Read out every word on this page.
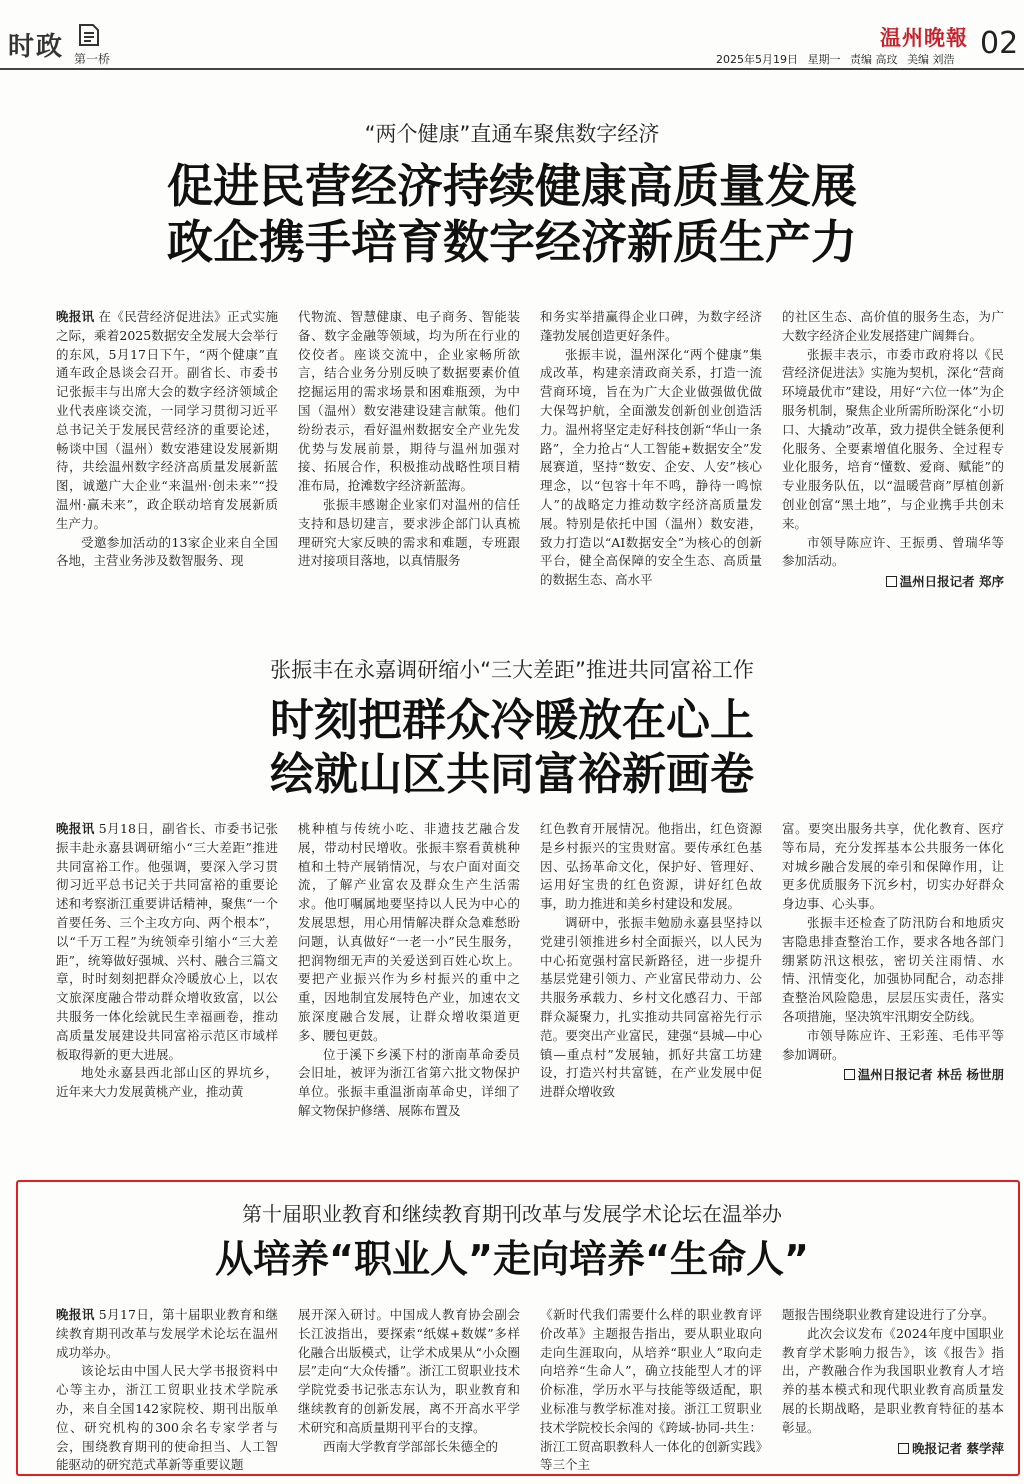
时政 第一桥
温州晚報 02
2025年5月19日 星期一 责编 高玟 美编 刘浩
“两个健康”直通车聚焦数字经济
促进民营经济持续健康高质量发展
政企携手培育数字经济新质生产力

晚报讯 在《民营经济促进法》正式实施之际，乘着2025数据安全发展大会举行的东风，5月17日下午，“两个健康”直通车政企恳谈会召开。副省长、市委书记张振丰与出席大会的数字经济领域企业代表座谈交流，一同学习贯彻习近平总书记关于发展民营经济的重要论述，畅谈中国（温州）数安港建设发展新期待，共绘温州数字经济高质量发展新蓝图，诚邀广大企业“来温州·创未来”“投温州·赢未来”，政企联动培育发展新质生产力。

受邀参加活动的13家企业来自全国各地，主营业务涉及数智服务、现

代物流、智慧健康、电子商务、智能装备、数字金融等领域，均为所在行业的佼佼者。座谈交流中，企业家畅所欲言，结合业务分别反映了数据要素价值挖掘运用的需求场景和困难瓶颈，为中国（温州）数安港建设建言献策。他们纷纷表示，看好温州数据安全产业先发优势与发展前景，期待与温州加强对接、拓展合作，积极推动战略性项目精准布局，抢滩数字经济新蓝海。

张振丰感谢企业家们对温州的信任支持和恳切建言，要求涉企部门认真梳理研究大家反映的需求和难题，专班跟进对接项目落地，以真情服务

和务实举措赢得企业口碑，为数字经济蓬勃发展创造更好条件。

张振丰说，温州深化“两个健康”集成改革，构建亲清政商关系，打造一流营商环境，旨在为广大企业做强做优做大保驾护航，全面激发创新创业创造活力。温州将坚定走好科技创新“华山一条路”，全力抢占“人工智能+数据安全”发展赛道，坚持“数安、企安、人安”核心理念，以“包容十年不鸣，静待一鸣惊人”的战略定力推动数字经济高质量发展。特别是依托中国（温州）数安港，致力打造以“AI数据安全”为核心的创新平台，健全高保障的安全生态、高质量的数据生态、高水平

的社区生态、高价值的服务生态，为广大数字经济企业发展搭建广阔舞台。

张振丰表示，市委市政府将以《民营经济促进法》实施为契机，深化“营商环境最优市”建设，用好“六位一体”为企服务机制，聚焦企业所需所盼深化“小切口、大撬动”改革，致力提供全链条便利化服务、全要素增值化服务、全过程专业化服务，培育“懂数、爱商、赋能”的专业服务队伍，以“温暖营商”厚植创新创业创富“黑土地”，与企业携手共创未来。

市领导陈应许、王振勇、曾瑞华等参加活动。

温州日报记者 郑序
张振丰在永嘉调研缩小“三大差距”推进共同富裕工作
时刻把群众冷暖放在心上
绘就山区共同富裕新画卷

晚报讯 5月18日，副省长、市委书记张振丰赴永嘉县调研缩小“三大差距”推进共同富裕工作。他强调，要深入学习贯彻习近平总书记关于共同富裕的重要论述和考察浙江重要讲话精神，聚焦“一个首要任务、三个主攻方向、两个根本”，以“千万工程”为统领牵引缩小“三大差距”，统筹做好强城、兴村、融合三篇文章，时时刻刻把群众冷暖放心上，以农文旅深度融合带动群众增收致富，以公共服务一体化绘就民生幸福画卷，推动高质量发展建设共同富裕示范区市域样板取得新的更大进展。

地处永嘉县西北部山区的界坑乡，近年来大力发展黄桃产业，推动黄

桃种植与传统小吃、非遗技艺融合发展，带动村民增收。张振丰察看黄桃种植和土特产展销情况，与农户面对面交流，了解产业富农及群众生产生活需求。他叮嘱属地要坚持以人民为中心的发展思想，用心用情解决群众急难愁盼问题，认真做好“一老一小”民生服务，把润物细无声的关爱送到百姓心坎上。要把产业振兴作为乡村振兴的重中之重，因地制宜发展特色产业，加速农文旅深度融合发展，让群众增收渠道更多、腰包更鼓。

位于溪下乡溪下村的浙南革命委员会旧址，被评为浙江省第六批文物保护单位。张振丰重温浙南革命史，详细了解文物保护修缮、展陈布置及

红色教育开展情况。他指出，红色资源是乡村振兴的宝贵财富。要传承红色基因、弘扬革命文化，保护好、管理好、运用好宝贵的红色资源，讲好红色故事，助力推进和美乡村建设和发展。

调研中，张振丰勉励永嘉县坚持以党建引领推进乡村全面振兴，以人民为中心拓宽强村富民新路径，进一步提升基层党建引领力、产业富民带动力、公共服务承载力、乡村文化感召力、干部群众凝聚力，扎实推动共同富裕先行示范。要突出产业富民，建强“县城—中心镇—重点村”发展轴，抓好共富工坊建设，打造兴村共富链，在产业发展中促进群众增收致

富。要突出服务共享，优化教育、医疗等布局，充分发挥基本公共服务一体化对城乡融合发展的牵引和保障作用，让更多优质服务下沉乡村，切实办好群众身边事、心头事。

张振丰还检查了防汛防台和地质灾害隐患排查整治工作，要求各地各部门绷紧防汛这根弦，密切关注雨情、水情、汛情变化，加强协同配合，动态排查整治风险隐患，层层压实责任，落实各项措施，坚决筑牢汛期安全防线。

市领导陈应许、王彩莲、毛伟平等参加调研。

温州日报记者 林岳 杨世朋
第十届职业教育和继续教育期刊改革与发展学术论坛在温举办
从培养“职业人”走向培养“生命人”

晚报讯 5月17日，第十届职业教育和继续教育期刊改革与发展学术论坛在温州成功举办。

该论坛由中国人民大学书报资料中心等主办，浙江工贸职业技术学院承办，来自全国142家院校、期刊出版单位、研究机构的300余名专家学者与会，围绕教育期刊的使命担当、人工智能驱动的研究范式革新等重要议题

展开深入研讨。中国成人教育协会副会长江波指出，要探索“纸媒+数媒”多样化融合出版模式，让学术成果从“小众圈层”走向“大众传播”。浙江工贸职业技术学院党委书记张志东认为，职业教育和继续教育的创新发展，离不开高水平学术研究和高质量期刊平台的支撑。

西南大学教育学部部长朱德全的

《新时代我们需要什么样的职业教育评价改革》主题报告指出，要从职业取向走向生涯取向，从培养“职业人”取向走向培养“生命人”，确立技能型人才的评价标准，学历水平与技能等级适配，职业标准与教学标准对接。浙江工贸职业技术学院校长余闯的《跨域-协同-共生：浙江工贸高职教科人一体化的创新实践》等三个主

题报告围绕职业教育建设进行了分享。

此次会议发布《2024年度中国职业教育学术影响力报告》，该《报告》指出，产教融合作为我国职业教育人才培养的基本模式和现代职业教育高质量发展的长期战略，是职业教育特征的基本彰显。

晚报记者 蔡学萍
